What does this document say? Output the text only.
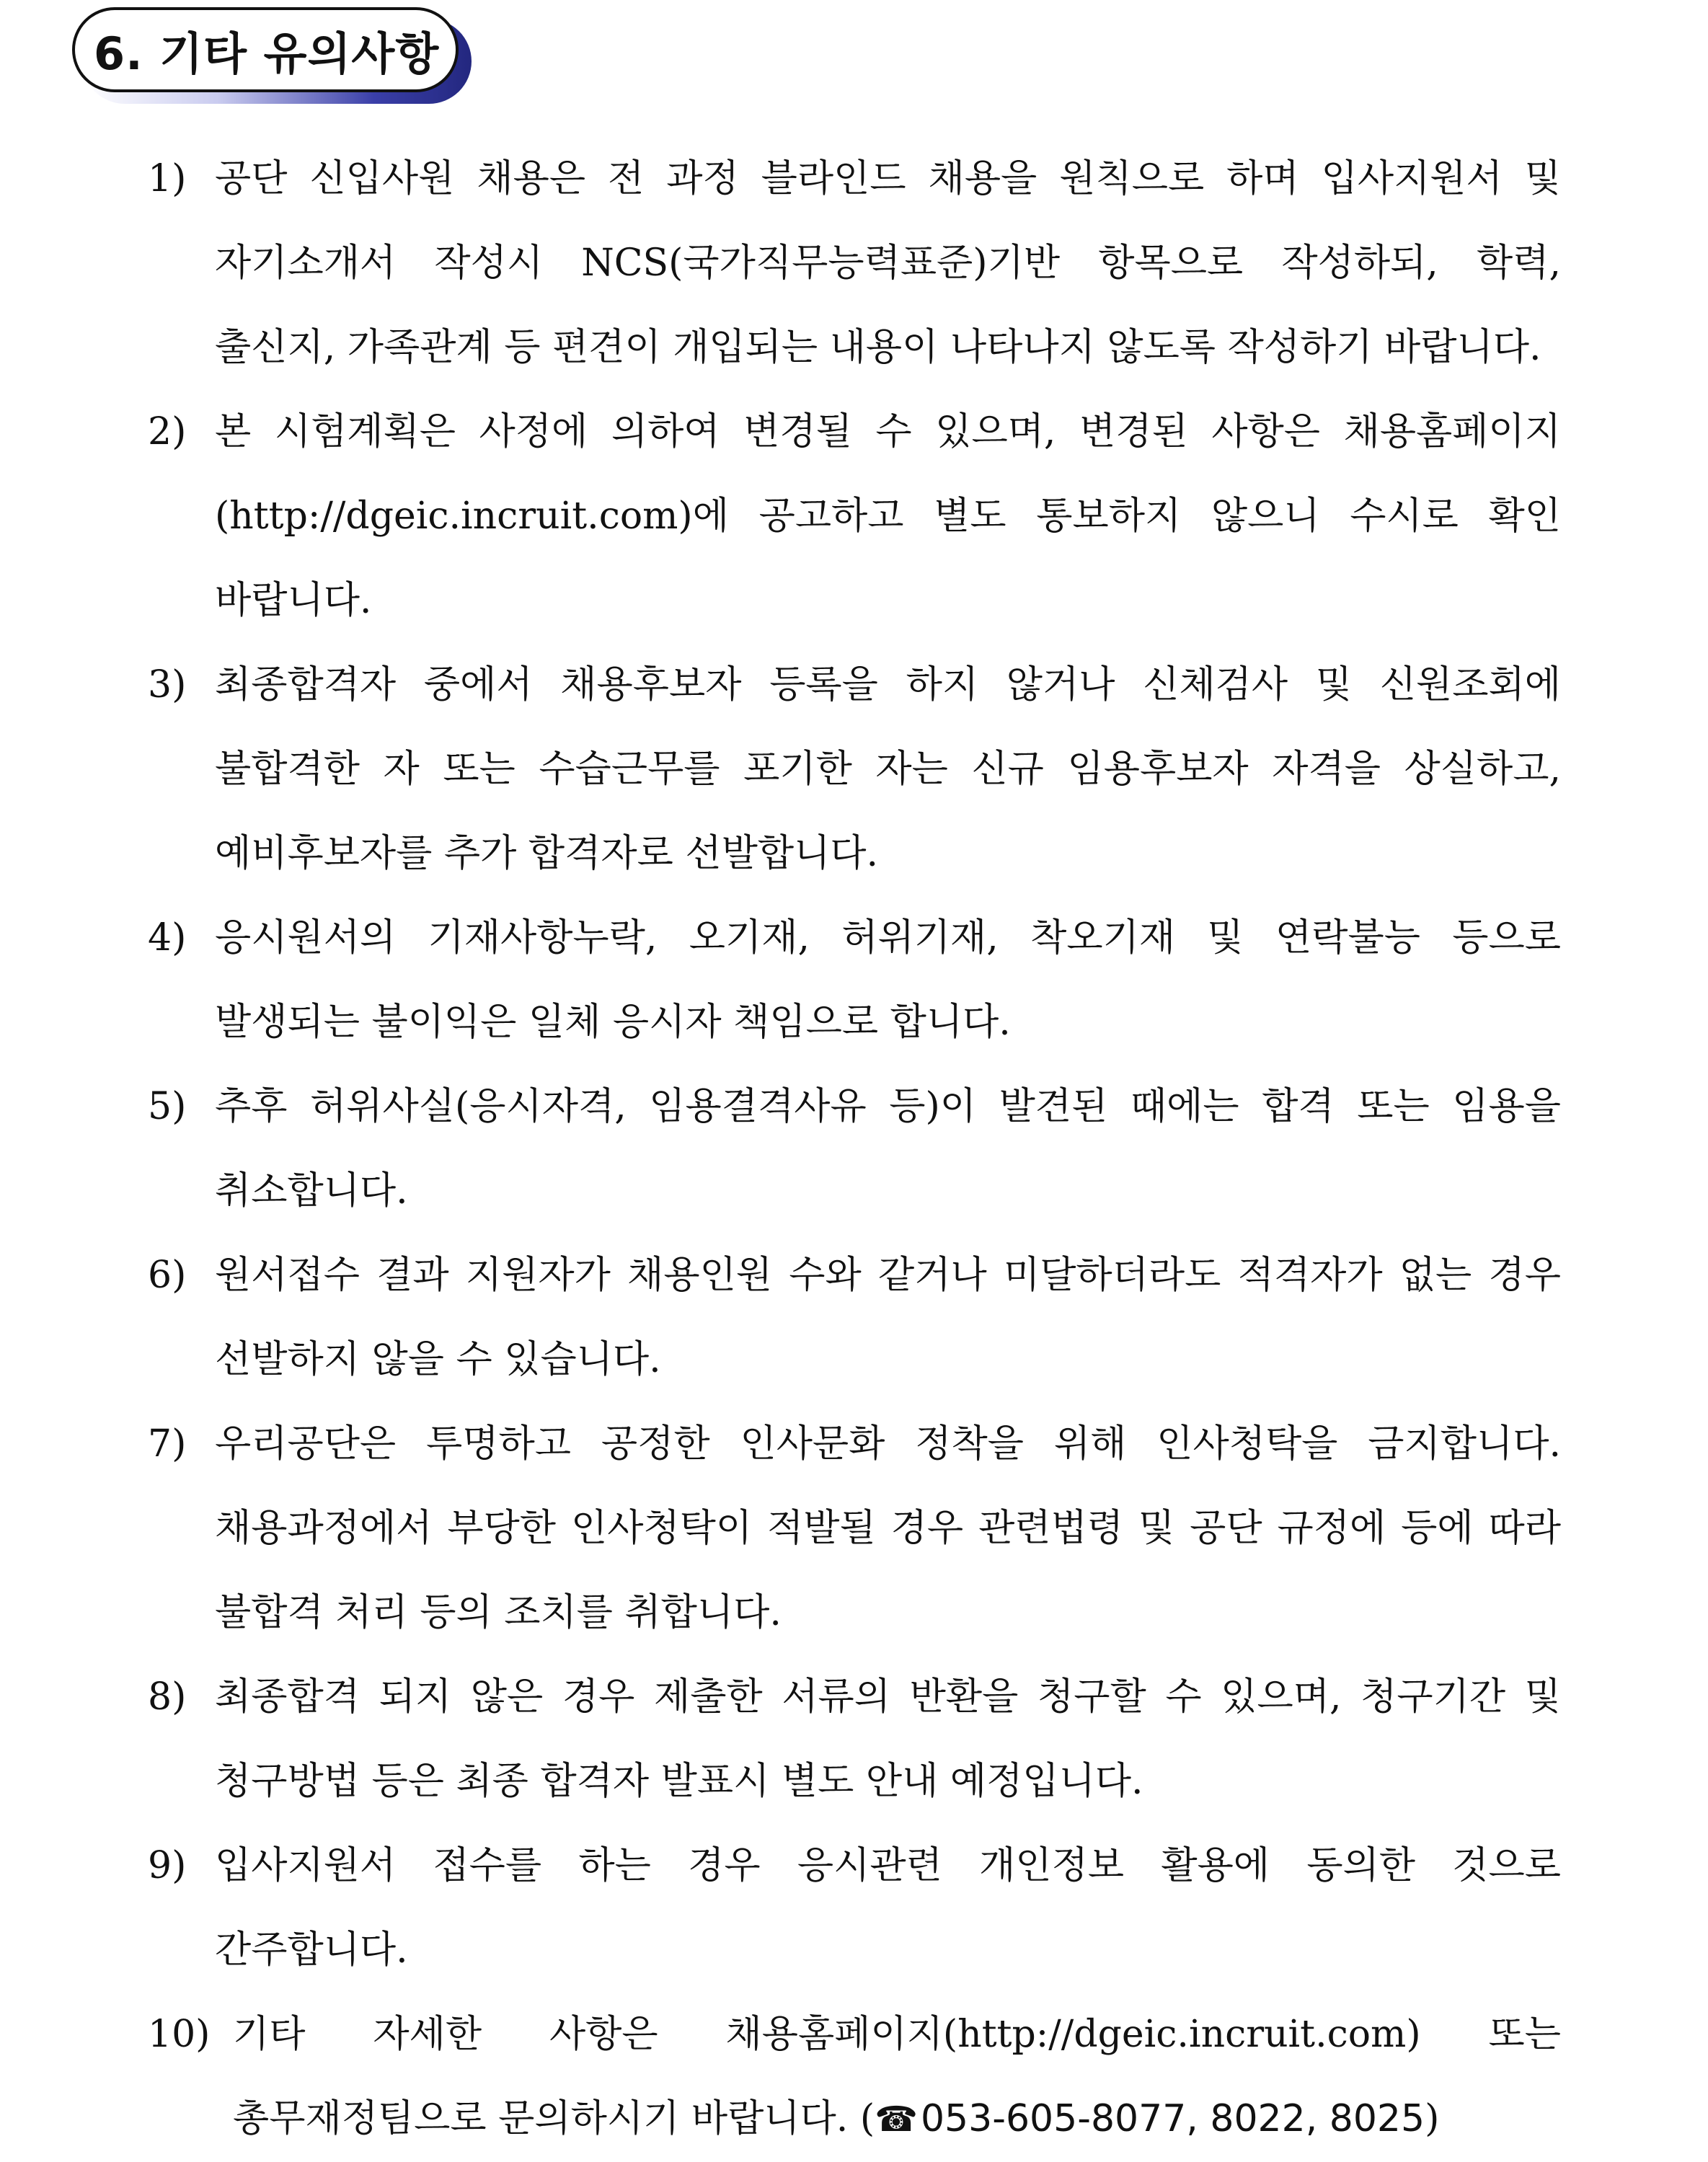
6. 기타 유의사항
1) 공단 신입사원 채용은 전 과정 블라인드 채용을 원칙으로 하며 입사지원서 및 자기소개서 작성시 NCS(국가직무능력표준)기반 항목으로 작성하되, 학력, 출신지, 가족관계 등 편견이 개입되는 내용이 나타나지 않도록 작성하기 바랍니다.
2) 본 시험계획은 사정에 의하여 변경될 수 있으며, 변경된 사항은 채용홈페이지 (http://dgeic.incruit.com)에 공고하고 별도 통보하지 않으니 수시로 확인 바랍니다.
3) 최종합격자 중에서 채용후보자 등록을 하지 않거나 신체검사 및 신원조회에 불합격한 자 또는 수습근무를 포기한 자는 신규 임용후보자 자격을 상실하고, 예비후보자를 추가 합격자로 선발합니다.
4) 응시원서의 기재사항누락, 오기재, 허위기재, 착오기재 및 연락불능 등으로 발생되는 불이익은 일체 응시자 책임으로 합니다.
5) 추후 허위사실(응시자격, 임용결격사유 등)이 발견된 때에는 합격 또는 임용을 취소합니다.
6) 원서접수 결과 지원자가 채용인원 수와 같거나 미달하더라도 적격자가 없는 경우 선발하지 않을 수 있습니다.
7) 우리공단은 투명하고 공정한 인사문화 정착을 위해 인사청탁을 금지합니다. 채용과정에서 부당한 인사청탁이 적발될 경우 관련법령 및 공단 규정에 등에 따라 불합격 처리 등의 조치를 취합니다.
8) 최종합격 되지 않은 경우 제출한 서류의 반환을 청구할 수 있으며, 청구기간 및 청구방법 등은 최종 합격자 발표시 별도 안내 예정입니다.
9) 입사지원서 접수를 하는 경우 응시관련 개인정보 활용에 동의한 것으로 간주합니다.
10) 기타 자세한 사항은 채용홈페이지(http://dgeic.incruit.com) 또는 총무재정팀으로 문의하시기 바랍니다. (☎053-605-8077, 8022, 8025)
